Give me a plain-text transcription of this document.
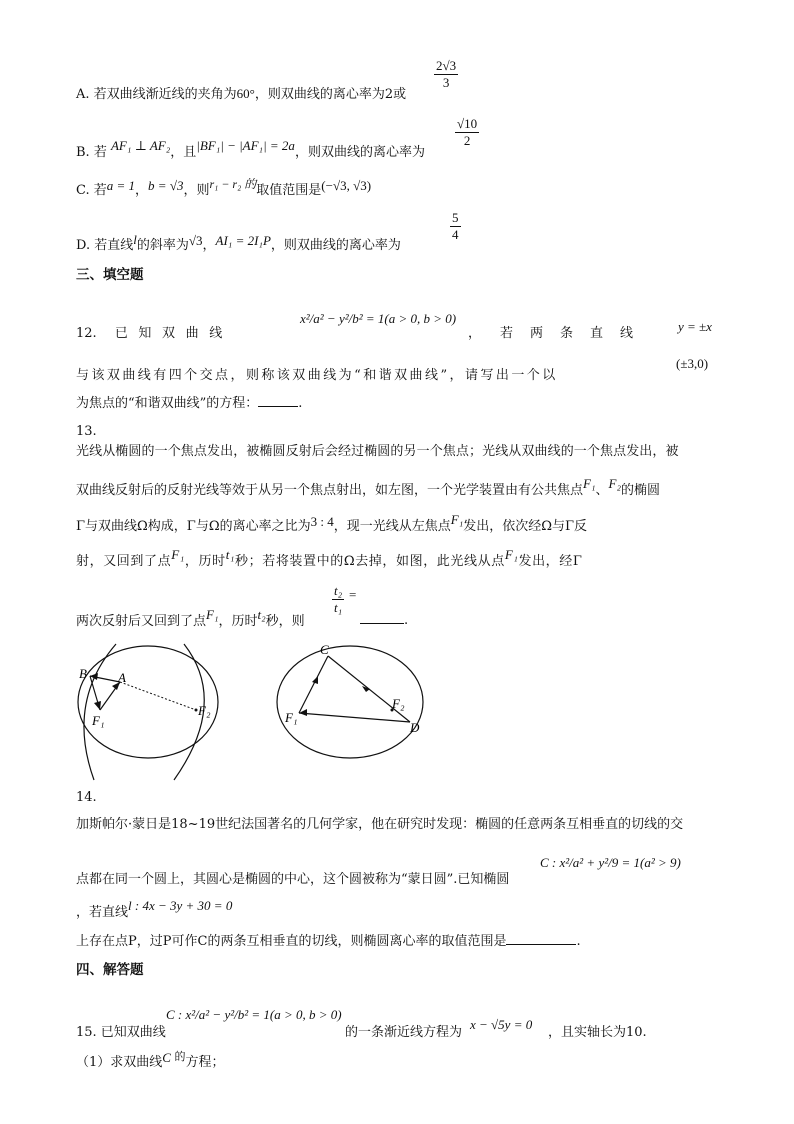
A. 若双曲线渐近线的夹角为60°，则双曲线的离心率为2或
$\frac{2√3}{3}$
B. 若 AF₁ ⊥ AF₂，且|BF₁| − |AF₁| = 2a，则双曲线的离心率为
$\frac{√10}{2}$
C. 若a = 1，b = √3，则r₁ − r₂ 的取值范围是(−√3, √3)
D. 若直线l的斜率为√3，AI₁ = 2I₁P，则双曲线的离心率为
$\frac{5}{4}$
三、填空题
12. 已知双曲线
x²/a² − y²/b² = 1(a > 0, b > 0)
， 若两条直线 y = ±x
与该双曲线有四个交点，则称该双曲线为“和谐双曲线”，请写出一个以
(±3,0)
为焦点的“和谐双曲线”的方程：	.
13.
光线从椭圆的一个焦点发出，被椭圆反射后会经过椭圆的另一个焦点；光线从双曲线的一个焦点发出，被
双曲线反射后的反射光线等效于从另一个焦点射出，如左图，一个光学装置由有公共焦点F₁、F₂的椭圆
Γ与双曲线Ω构成，Γ与Ω的离心率之比为3 : 4，现一光线从左焦点F₁发出，依次经Ω与Γ反
射，又回到了点F₁，历时t₁秒；若将装置中的Ω去掉，如图，此光线从点F₁发出，经Γ
两次反射后又回到了点F₁，历时t₂秒，则
$\frac{\text{t₂}}{\text{t₁}}$ =
.
B A
F₁
F₂
C
F₁
F₂
D
14.
加斯帕尔·蒙日是18~19世纪法国著名的几何学家，他在研究时发现：椭圆的任意两条互相垂直的切线的交
点都在同一个圆上，其圆心是椭圆的中心，这个圆被称为“蒙日圆”.已知椭圆
C : x²/a² + y²/9 = 1(a² > 9)
，若直线l : 4x − 3y + 30 = 0
上存在点P，过P可作C的两条互相垂直的切线，则椭圆离心率的取值范围是	.
四、解答题
15. 已知双曲线
C : x²/a² − y²/b² = 1(a > 0, b > 0)
的一条渐近线方程为
x − √5y = 0
，且实轴长为10.
（1）求双曲线C $^的$方程；
